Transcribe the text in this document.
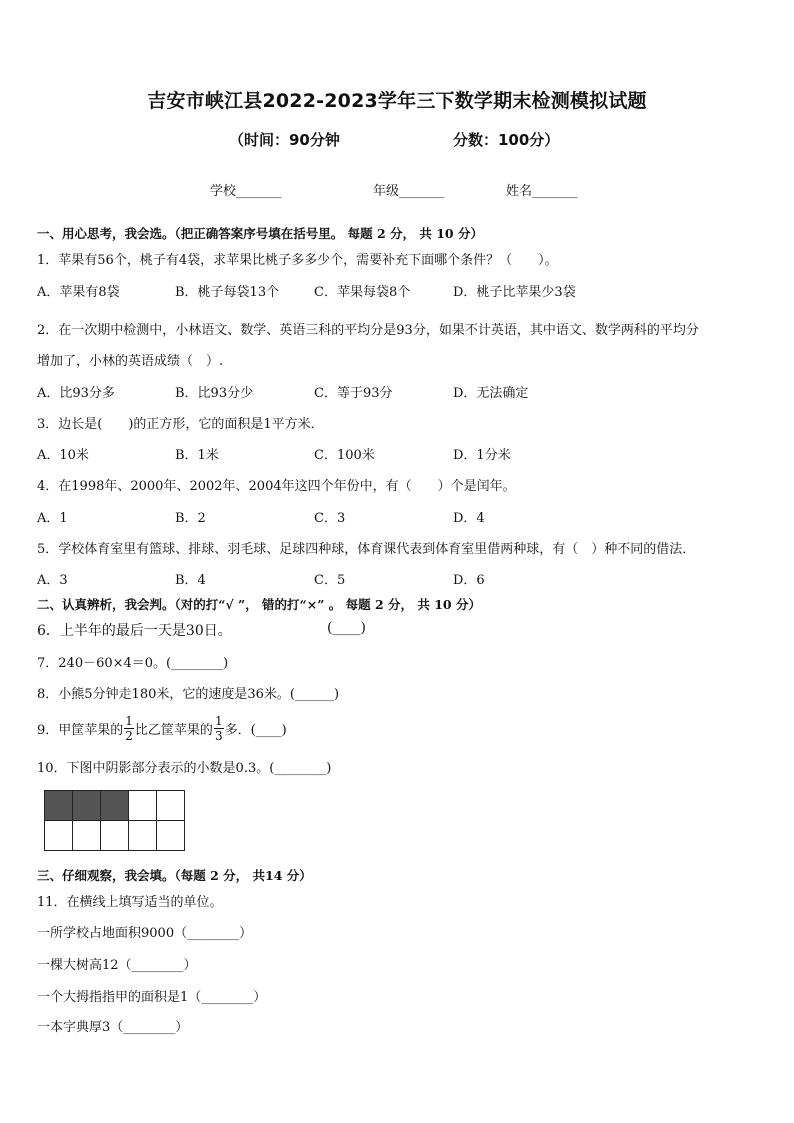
吉安市峡江县2022-2023学年三下数学期末检测模拟试题
（时间：90分钟	分数：100分）
学校_______	年级_______	姓名_______
一、用心思考，我会选。（把正确答案序号填在括号里。 每题 2 分， 共 10 分）
1．苹果有56个，桃子有4袋，求苹果比桃子多多少个，需要补充下面哪个条件？（　　）。
A．苹果有8袋	B．桃子每袋13个	C．苹果每袋8个	D．桃子比苹果少3袋
2．在一次期中检测中，小林语文、数学、英语三科的平均分是93分，如果不计英语，其中语文、数学两科的平均分
增加了，小林的英语成绩（　）.
A．比93分多	B．比93分少	C．等于93分	D．无法确定
3．边长是(　　)的正方形，它的面积是1平方米．
A．10米	B．1米	C．100米	D．1分米
4．在1998年、2000年、2002年、2004年这四个年份中，有（　　）个是闰年。
A．1	B．2	C．3	D．4
5．学校体育室里有篮球、排球、羽毛球、足球四种球，体育课代表到体育室里借两种球，有（　）种不同的借法．
A．3	B．4	C．5	D．6
二、认真辨析，我会判。（对的打“√ ”， 错的打“×” 。 每题 2 分， 共 10 分）
6．上半年的最后一天是30日。	(____)
7．240－60×4＝0。(________)
8．小熊5分钟走180米，它的速度是36米。(______)
9．甲筐苹果的 $\frac{1}{2}$ 比乙筐苹果的 $\frac{1}{3}$ 多．(____)
10．下图中阴影部分表示的小数是0.3。(________)

三、仔细观察，我会填。（每题 2 分， 共14 分）
11．在横线上填写适当的单位。
一所学校占地面积9000（________）
一棵大树高12（________）
一个大拇指指甲的面积是1（________）
一本字典厚3（________）
